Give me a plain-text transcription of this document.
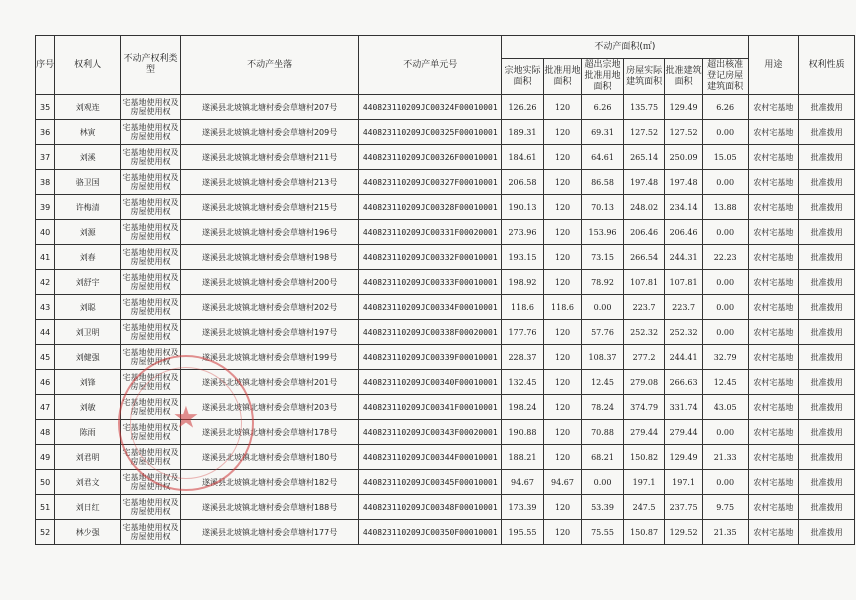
序号	权利人	不动产权利类型	不动产坐落	不动产单元号	不动产面积(㎡)						用途	权利性质
					宗地实际面积	批准用地面积	超出宗地批准用地面积	房屋实际建筑面积	批准建筑面积	超出核准登记房屋建筑面积		
35	刘观连	宅基地使用权及房屋使用权	遂溪县北坡镇北塘村委会草塘村207号	440823110209JC00324F00010001	126.26	120	6.26	135.75	129.49	6.26	农村宅基地	批准拨用
36	林寅	宅基地使用权及房屋使用权	遂溪县北坡镇北塘村委会草塘村209号	440823110209JC00325F00010001	189.31	120	69.31	127.52	127.52	0.00	农村宅基地	批准拨用
37	刘溪	宅基地使用权及房屋使用权	遂溪县北坡镇北塘村委会草塘村211号	440823110209JC00326F00010001	184.61	120	64.61	265.14	250.09	15.05	农村宅基地	批准拨用
38	骆卫国	宅基地使用权及房屋使用权	遂溪县北坡镇北塘村委会草塘村213号	440823110209JC00327F00010001	206.58	120	86.58	197.48	197.48	0.00	农村宅基地	批准拨用
39	许梅清	宅基地使用权及房屋使用权	遂溪县北坡镇北塘村委会草塘村215号	440823110209JC00328F00010001	190.13	120	70.13	248.02	234.14	13.88	农村宅基地	批准拨用
40	刘源	宅基地使用权及房屋使用权	遂溪县北坡镇北塘村委会草塘村196号	440823110209JC00331F00020001	273.96	120	153.96	206.46	206.46	0.00	农村宅基地	批准拨用
41	刘春	宅基地使用权及房屋使用权	遂溪县北坡镇北塘村委会草塘村198号	440823110209JC00332F00010001	193.15	120	73.15	266.54	244.31	22.23	农村宅基地	批准拨用
42	刘舒宇	宅基地使用权及房屋使用权	遂溪县北坡镇北塘村委会草塘村200号	440823110209JC00333F00010001	198.92	120	78.92	107.81	107.81	0.00	农村宅基地	批准拨用
43	刘聪	宅基地使用权及房屋使用权	遂溪县北坡镇北塘村委会草塘村202号	440823110209JC00334F00010001	118.6	118.6	0.00	223.7	223.7	0.00	农村宅基地	批准拨用
44	刘卫明	宅基地使用权及房屋使用权	遂溪县北坡镇北塘村委会草塘村197号	440823110209JC00338F00020001	177.76	120	57.76	252.32	252.32	0.00	农村宅基地	批准拨用
45	刘健强	宅基地使用权及房屋使用权	遂溪县北坡镇北塘村委会草塘村199号	440823110209JC00339F00010001	228.37	120	108.37	277.2	244.41	32.79	农村宅基地	批准拨用
46	刘锋	宅基地使用权及房屋使用权	遂溪县北坡镇北塘村委会草塘村201号	440823110209JC00340F00010001	132.45	120	12.45	279.08	266.63	12.45	农村宅基地	批准拨用
47	刘敏	宅基地使用权及房屋使用权	遂溪县北坡镇北塘村委会草塘村203号	440823110209JC00341F00010001	198.24	120	78.24	374.79	331.74	43.05	农村宅基地	批准拨用
48	陈雨	宅基地使用权及房屋使用权	遂溪县北坡镇北塘村委会草塘村178号	440823110209JC00343F00020001	190.88	120	70.88	279.44	279.44	0.00	农村宅基地	批准拨用
49	刘君明	宅基地使用权及房屋使用权	遂溪县北坡镇北塘村委会草塘村180号	440823110209JC00344F00010001	188.21	120	68.21	150.82	129.49	21.33	农村宅基地	批准拨用
50	刘君文	宅基地使用权及房屋使用权	遂溪县北坡镇北塘村委会草塘村182号	440823110209JC00345F00010001	94.67	94.67	0.00	197.1	197.1	0.00	农村宅基地	批准拨用
51	刘日红	宅基地使用权及房屋使用权	遂溪县北坡镇北塘村委会草塘村188号	440823110209JC00348F00010001	173.39	120	53.39	247.5	237.75	9.75	农村宅基地	批准拨用
52	林少强	宅基地使用权及房屋使用权	遂溪县北坡镇北塘村委会草塘村177号	440823110209JC00350F00010001	195.55	120	75.55	150.87	129.52	21.35	农村宅基地	批准拨用
★
